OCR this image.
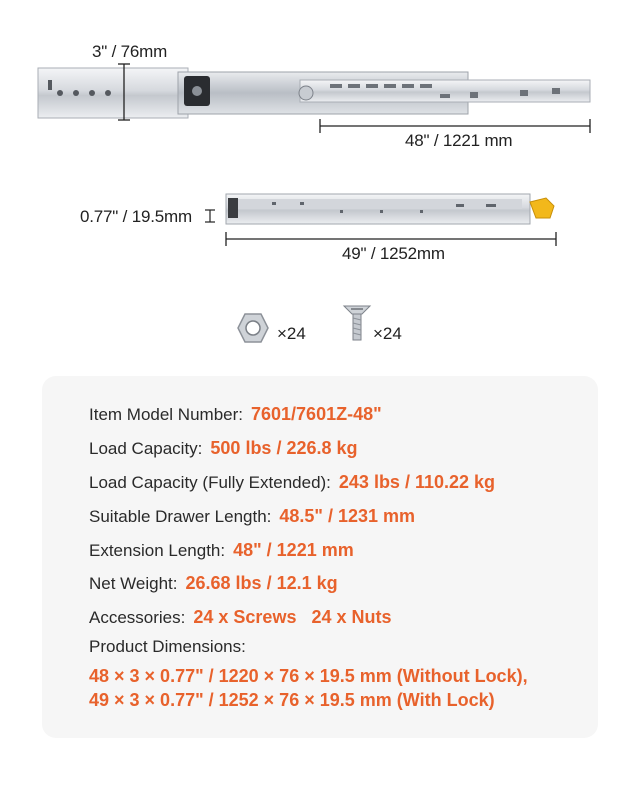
3" / 76mm
48" / 1221 mm
0.77" / 19.5mm
49" / 1252mm
×24	×24
Item Model Number: 7601/7601Z-48"
Load Capacity: 500 lbs / 226.8 kg
Load Capacity (Fully Extended): 243 lbs / 110.22 kg
Suitable Drawer Length: 48.5" / 1231 mm
Extension Length: 48" / 1221 mm
Net Weight: 26.68 lbs / 12.1 kg
Accessories: 24 x Screws   24 x Nuts
Product Dimensions:
48 × 3 × 0.77" / 1220 × 76 × 19.5 mm (Without Lock),
49 × 3 × 0.77" / 1252 × 76 × 19.5 mm (With Lock)
